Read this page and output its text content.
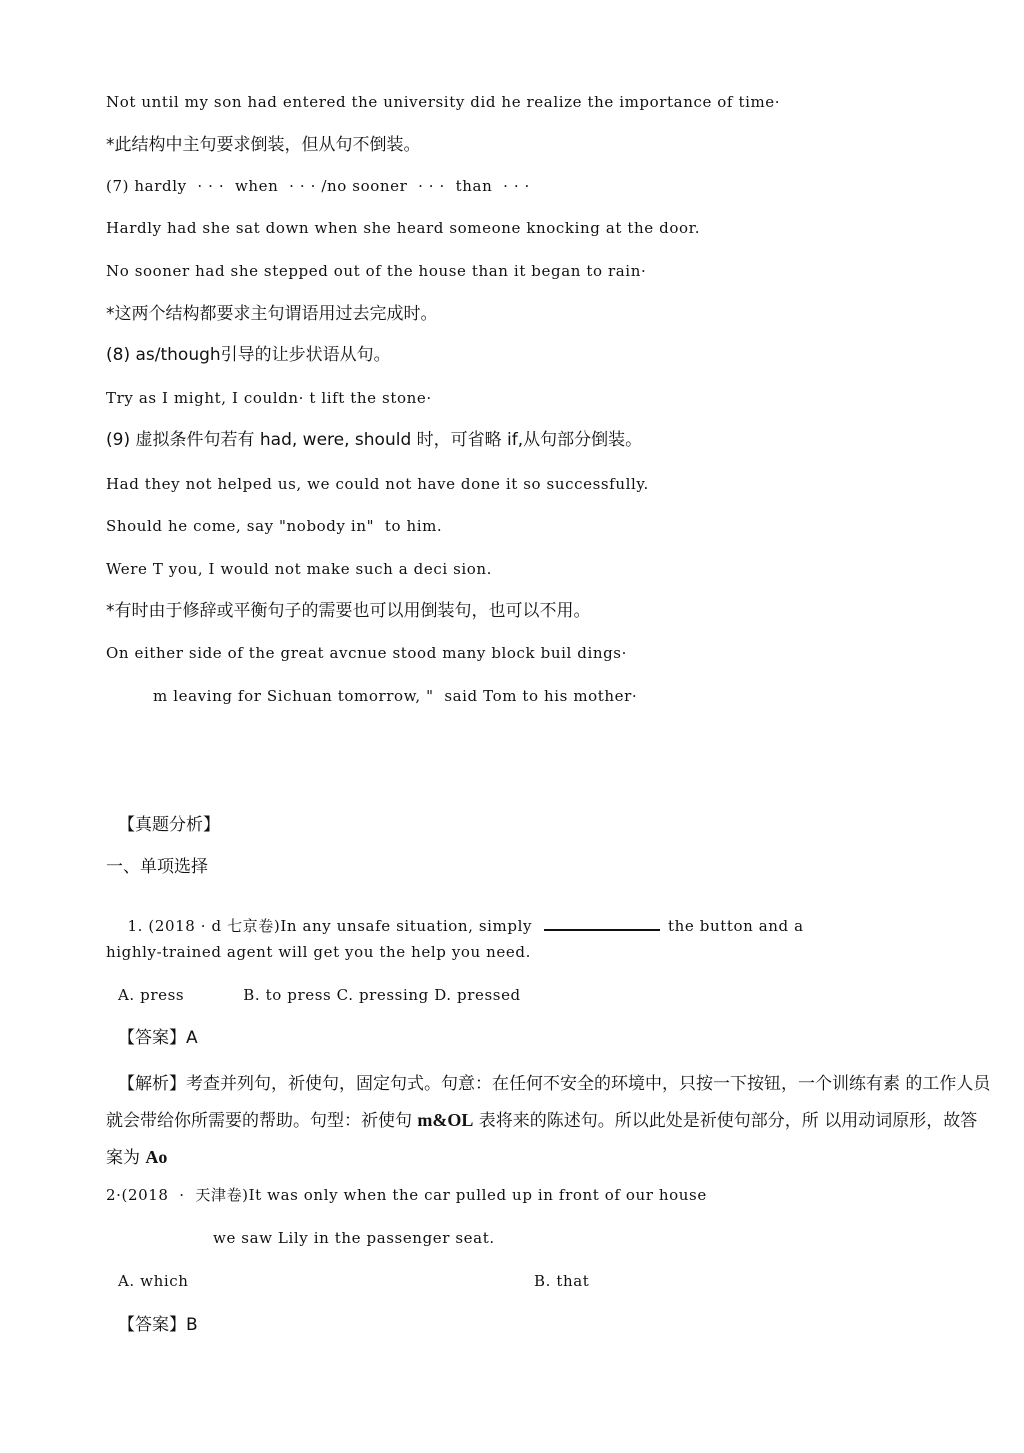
Not until my son had entered the university did he realize the importance of time·
*此结构中主句要求倒装，但从句不倒装。
(7) hardly  · · ·  when  · · · /no sooner  · · ·  than  · · ·
Hardly had she sat down when she heard someone knocking at the door.
No sooner had she stepped out of the house than it began to rain·
*这两个结构都要求主句谓语用过去完成时。
(8) as/though引导的让步状语从句。
Try as I might, I couldn· t lift the stone·
(9) 虚拟条件句若有 had, were, should 时，可省略 if,从句部分倒装。
Had they not helped us, we could not have done it so successfully.
Should he come, say "nobody in"  to him.
Were T you, I would not make such a deci sion.
*有时由于修辞或平衡句子的需要也可以用倒装句，也可以不用。
On either side of the great avcnue stood many block buil dings·
m leaving for Sichuan tomorrow, "  said Tom to his mother·
【真题分析】
一、单项选择

1. (2018 · d 七京卷)In any unsafe situation, simply	the button and a

highly-trained agent will get you the help you need.
A. press           B. to press C. pressing D. pressed
【答案】A
【解析】考查并列句，祈使句，固定句式。句意：在任何不安全的环境中，只按一下按钮，一个训练有素 的工作人员就会带给你所需要的帮助。句型：祈使句 m&OL 表将来的陈述句。所以此处是祈使句部分，所 以用动词原形，故答案为 Ao
2·(2018  ·  天津卷)It was only when the car pulled up in front of our house
we saw Lily in the passenger seat.
A. which	B. that
【答案】B
